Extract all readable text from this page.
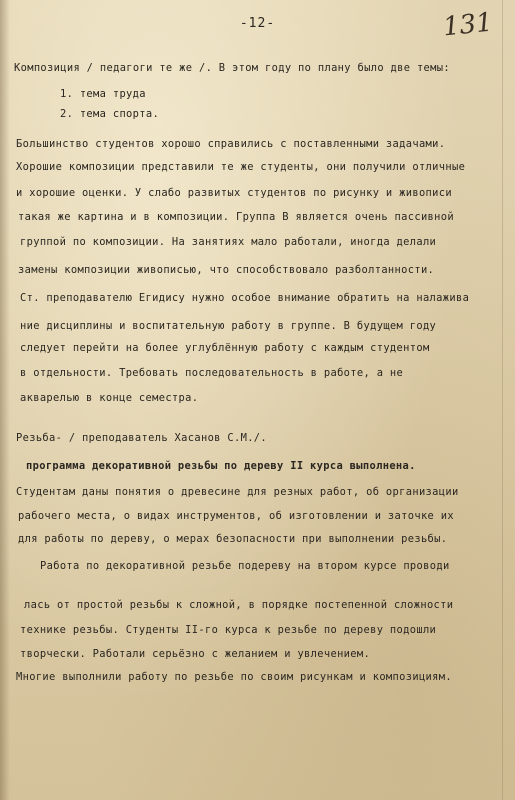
-12-	131
Композиция / педагоги те же /. В этом году по плану было две темы:
1. тема труда
2. тема спорта.
Большинство студентов хорошо справились с поставленными задачами.
Хорошие композиции представили те же студенты, они получили отличные
и хорошие оценки. У слабо развитых студентов по рисунку и живописи
такая же картина и в композиции. Группа В является очень пассивной
группой по композиции. На занятиях мало работали, иногда делали
замены композиции живописью, что способствовало разболтанности.
Ст. преподавателю Егидису нужно особое внимание обратить на налажива
ние дисциплины и воспитательную работу в группе. В будущем году
следует перейти на более углублённую работу с каждым студентом
в отдельности. Требовать последовательность в работе, а не
акварелью в конце семестра.
Резьба- / преподаватель Хасанов С.М./.
программа декоративной резьбы по дереву II курса выполнена.
Студентам даны понятия о древесине для резных работ, об организации
рабочего места, о видах инструментов, об изготовлении и заточке их
для работы по дереву, о мерах безопасности при выполнении резьбы.
Работа по декоративной резьбе подереву на втором курсе проводи
лась от простой резьбы к сложной, в порядке постепенной сложности
технике резьбы. Студенты II-го курса к резьбе по дереву подошли
творчески. Работали серьёзно с желанием и увлечением.
Многие выполнили работу по резьбе по своим рисункам и композициям.
